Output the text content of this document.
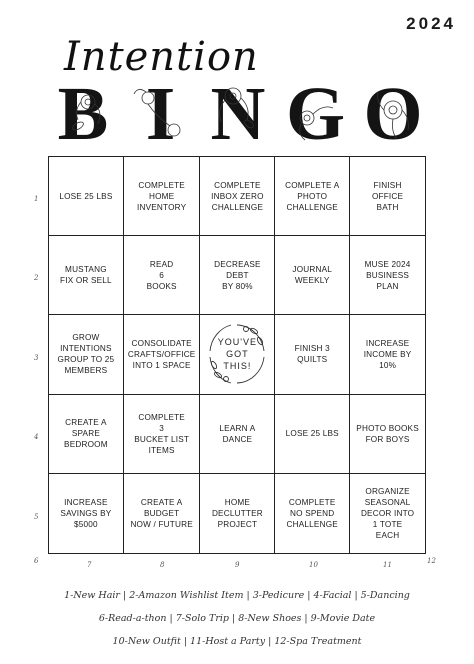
2024
Intention
B I N G O
LOSE 25 LBS
COMPLETE
HOME
INVENTORY
COMPLETE
INBOX ZERO
CHALLENGE
COMPLETE A
PHOTO
CHALLENGE
FINISH
OFFICE
BATH
MUSTANG
FIX OR SELL
READ
6
BOOKS
DECREASE
DEBT
BY 80%
JOURNAL
WEEKLY
MUSE 2024
BUSINESS
PLAN
GROW
INTENTIONS
GROUP TO 25
MEMBERS
CONSOLIDATE
CRAFTS/OFFICE
INTO 1 SPACE
YOU'VE
GOT
THIS!
FINISH 3
QUILTS
INCREASE
INCOME BY 10%
CREATE A SPARE
BEDROOM
COMPLETE
3
BUCKET LIST
ITEMS
LEARN A
DANCE
LOSE 25 LBS
PHOTO BOOKS
FOR BOYS
INCREASE
SAVINGS BY
$5000
CREATE A BUDGET
NOW / FUTURE
HOME
DECLUTTER
PROJECT
COMPLETE
NO SPEND
CHALLENGE
ORGANIZE
SEASONAL
DECOR INTO
1 TOTE
EACH
1
2
3
4
5
6	7	8	9	10	11	12
1-New Hair | 2-Amazon Wishlist Item | 3-Pedicure | 4-Facial | 5-Dancing
6-Read-a-thon | 7-Solo Trip | 8-New Shoes | 9-Movie Date
10-New Outfit | 11-Host a Party | 12-Spa Treatment
